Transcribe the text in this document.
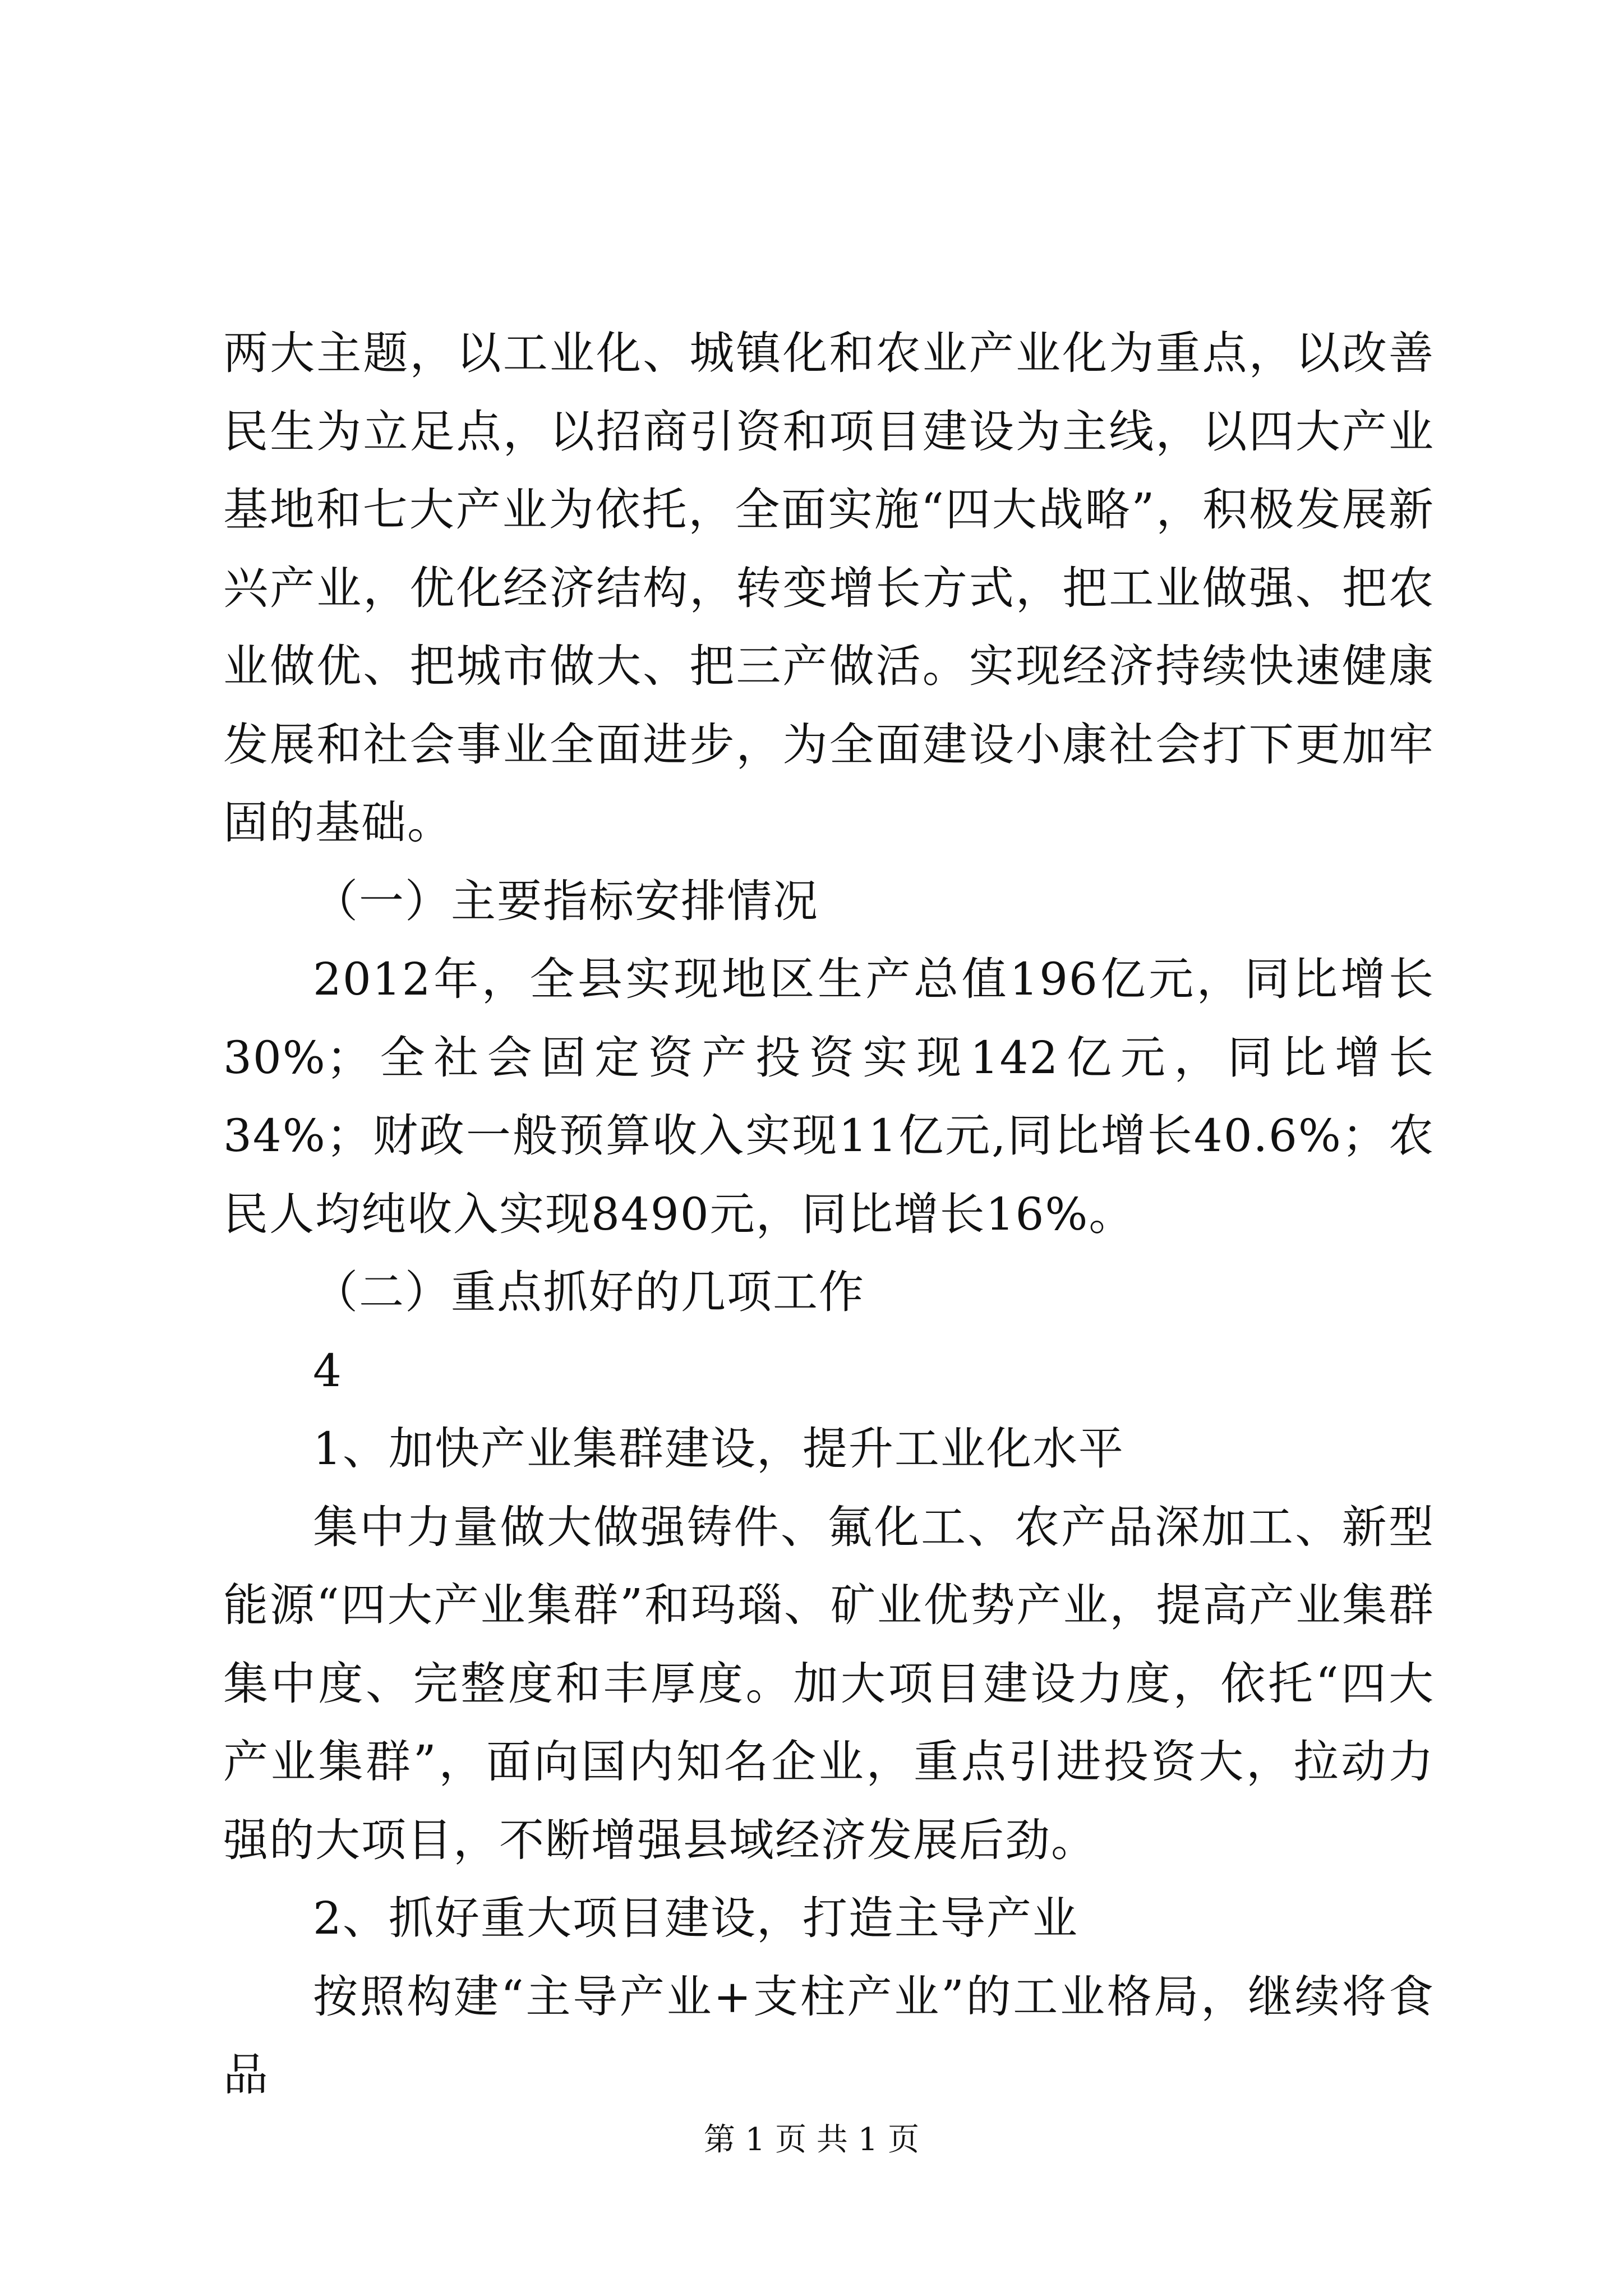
两大主题，以工业化、城镇化和农业产业化为重点，以改善民生为立足点，以招商引资和项目建设为主线，以四大产业基地和七大产业为依托，全面实施“四大战略”，积极发展新兴产业，优化经济结构，转变增长方式，把工业做强、把农业做优、把城市做大、把三产做活。实现经济持续快速健康发展和社会事业全面进步，为全面建设小康社会打下更加牢固的基础。

（一）主要指标安排情况

2012年，全县实现地区生产总值196亿元，同比增长30%；全社会固定资产投资实现142亿元，同比增长34%；财政一般预算收入实现11亿元,同比增长40.6%；农民人均纯收入实现8490元，同比增长16%。

（二）重点抓好的几项工作

4

1、加快产业集群建设，提升工业化水平

集中力量做大做强铸件、氟化工、农产品深加工、新型能源“四大产业集群”和玛瑙、矿业优势产业，提高产业集群集中度、完整度和丰厚度。加大项目建设力度，依托“四大产业集群”，面向国内知名企业，重点引进投资大，拉动力强的大项目，不断增强县域经济发展后劲。

2、抓好重大项目建设，打造主导产业

按照构建“主导产业+支柱产业”的工业格局，继续将食品

第 1 页 共 1 页
